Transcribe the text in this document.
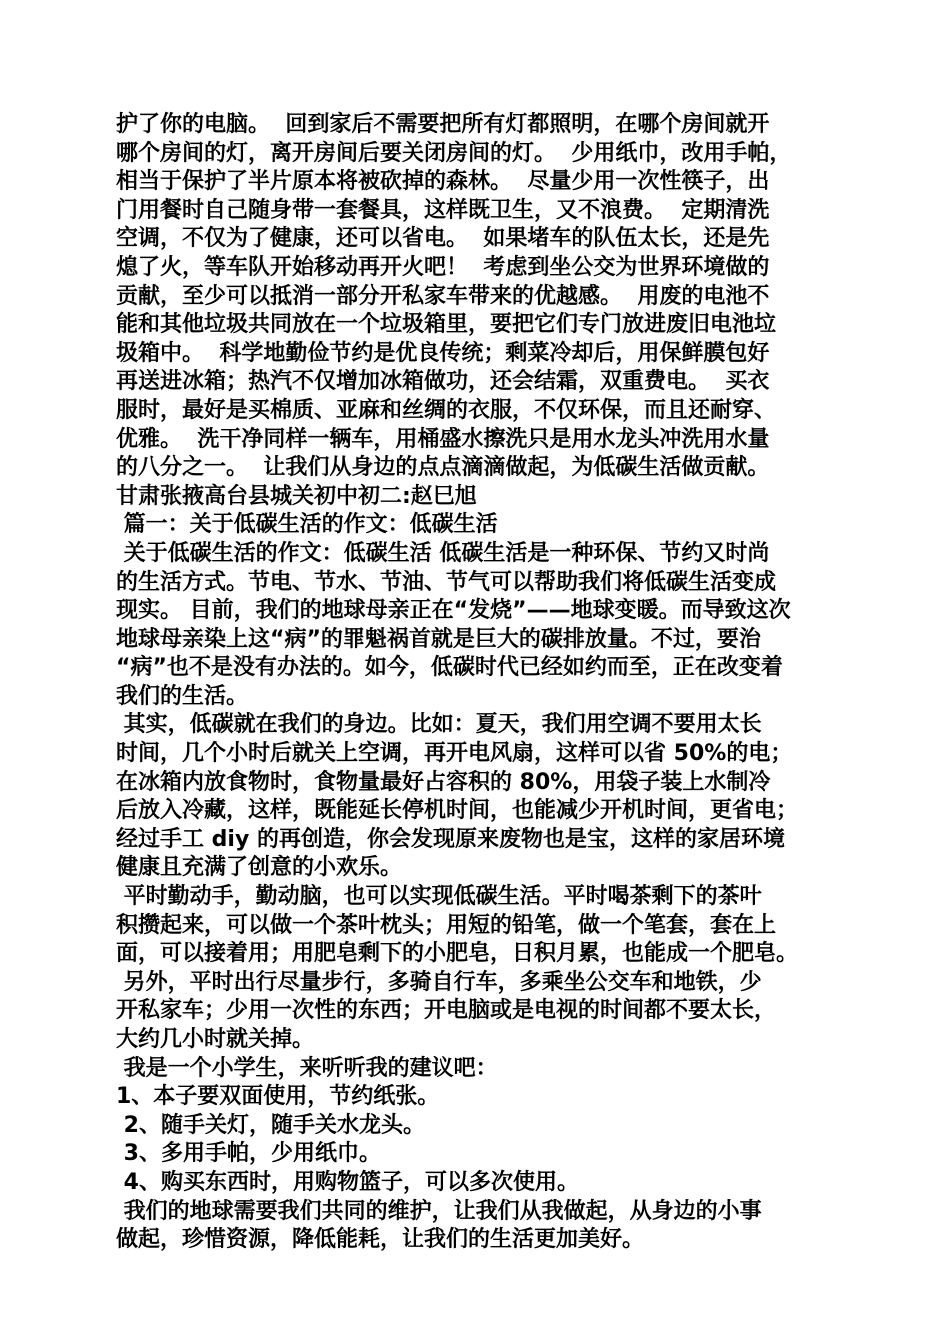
护了你的电脑。  回到家后不需要把所有灯都照明，在哪个房间就开
哪个房间的灯，离开房间后要关闭房间的灯。  少用纸巾，改用手帕，
相当于保护了半片原本将被砍掉的森林。  尽量少用一次性筷子，出
门用餐时自己随身带一套餐具，这样既卫生，又不浪费。  定期清洗
空调，不仅为了健康，还可以省电。  如果堵车的队伍太长，还是先
熄了火，等车队开始移动再开火吧！  考虑到坐公交为世界环境做的
贡献，至少可以抵消一部分开私家车带来的优越感。  用废的电池不
能和其他垃圾共同放在一个垃圾箱里，要把它们专门放进废旧电池垃
圾箱中。  科学地勤俭节约是优良传统；剩菜冷却后，用保鲜膜包好
再送进冰箱；热汽不仅增加冰箱做功，还会结霜，双重费电。  买衣
服时，最好是买棉质、亚麻和丝绸的衣服，不仅环保，而且还耐穿、
优雅。  洗干净同样一辆车，用桶盛水擦洗只是用水龙头冲洗用水量
的八分之一。  让我们从身边的点点滴滴做起，为低碳生活做贡献。
甘肃张掖高台县城关初中初二:赵巳旭
篇一：关于低碳生活的作文：低碳生活
关于低碳生活的作文：低碳生活 低碳生活是一种环保、节约又时尚
的生活方式。节电、节水、节油、节气可以帮助我们将低碳生活变成
现实。 目前，我们的地球母亲正在“发烧”——地球变暖。而导致这次
地球母亲染上这“病”的罪魁祸首就是巨大的碳排放量。不过，要治
“病”也不是没有办法的。如今，低碳时代已经如约而至，正在改变着
我们的生活。
其实，低碳就在我们的身边。比如：夏天，我们用空调不要用太长
时间，几个小时后就关上空调，再开电风扇，这样可以省 50%的电；
在冰箱内放食物时，食物量最好占容积的 80%，用袋子装上水制冷
后放入冷藏，这样，既能延长停机时间，也能减少开机时间，更省电；
经过手工 diy 的再创造，你会发现原来废物也是宝，这样的家居环境
健康且充满了创意的小欢乐。
平时勤动手，勤动脑，也可以实现低碳生活。平时喝茶剩下的茶叶
积攒起来，可以做一个茶叶枕头；用短的铅笔，做一个笔套，套在上
面，可以接着用；用肥皂剩下的小肥皂，日积月累，也能成一个肥皂。
另外，平时出行尽量步行，多骑自行车，多乘坐公交车和地铁，少
开私家车；少用一次性的东西；开电脑或是电视的时间都不要太长，
大约几小时就关掉。
我是一个小学生，来听听我的建议吧：
1、本子要双面使用，节约纸张。
2、随手关灯，随手关水龙头。
3、多用手帕，少用纸巾。
4、购买东西时，用购物篮子，可以多次使用。
我们的地球需要我们共同的维护，让我们从我做起，从身边的小事
做起，珍惜资源，降低能耗，让我们的生活更加美好。
